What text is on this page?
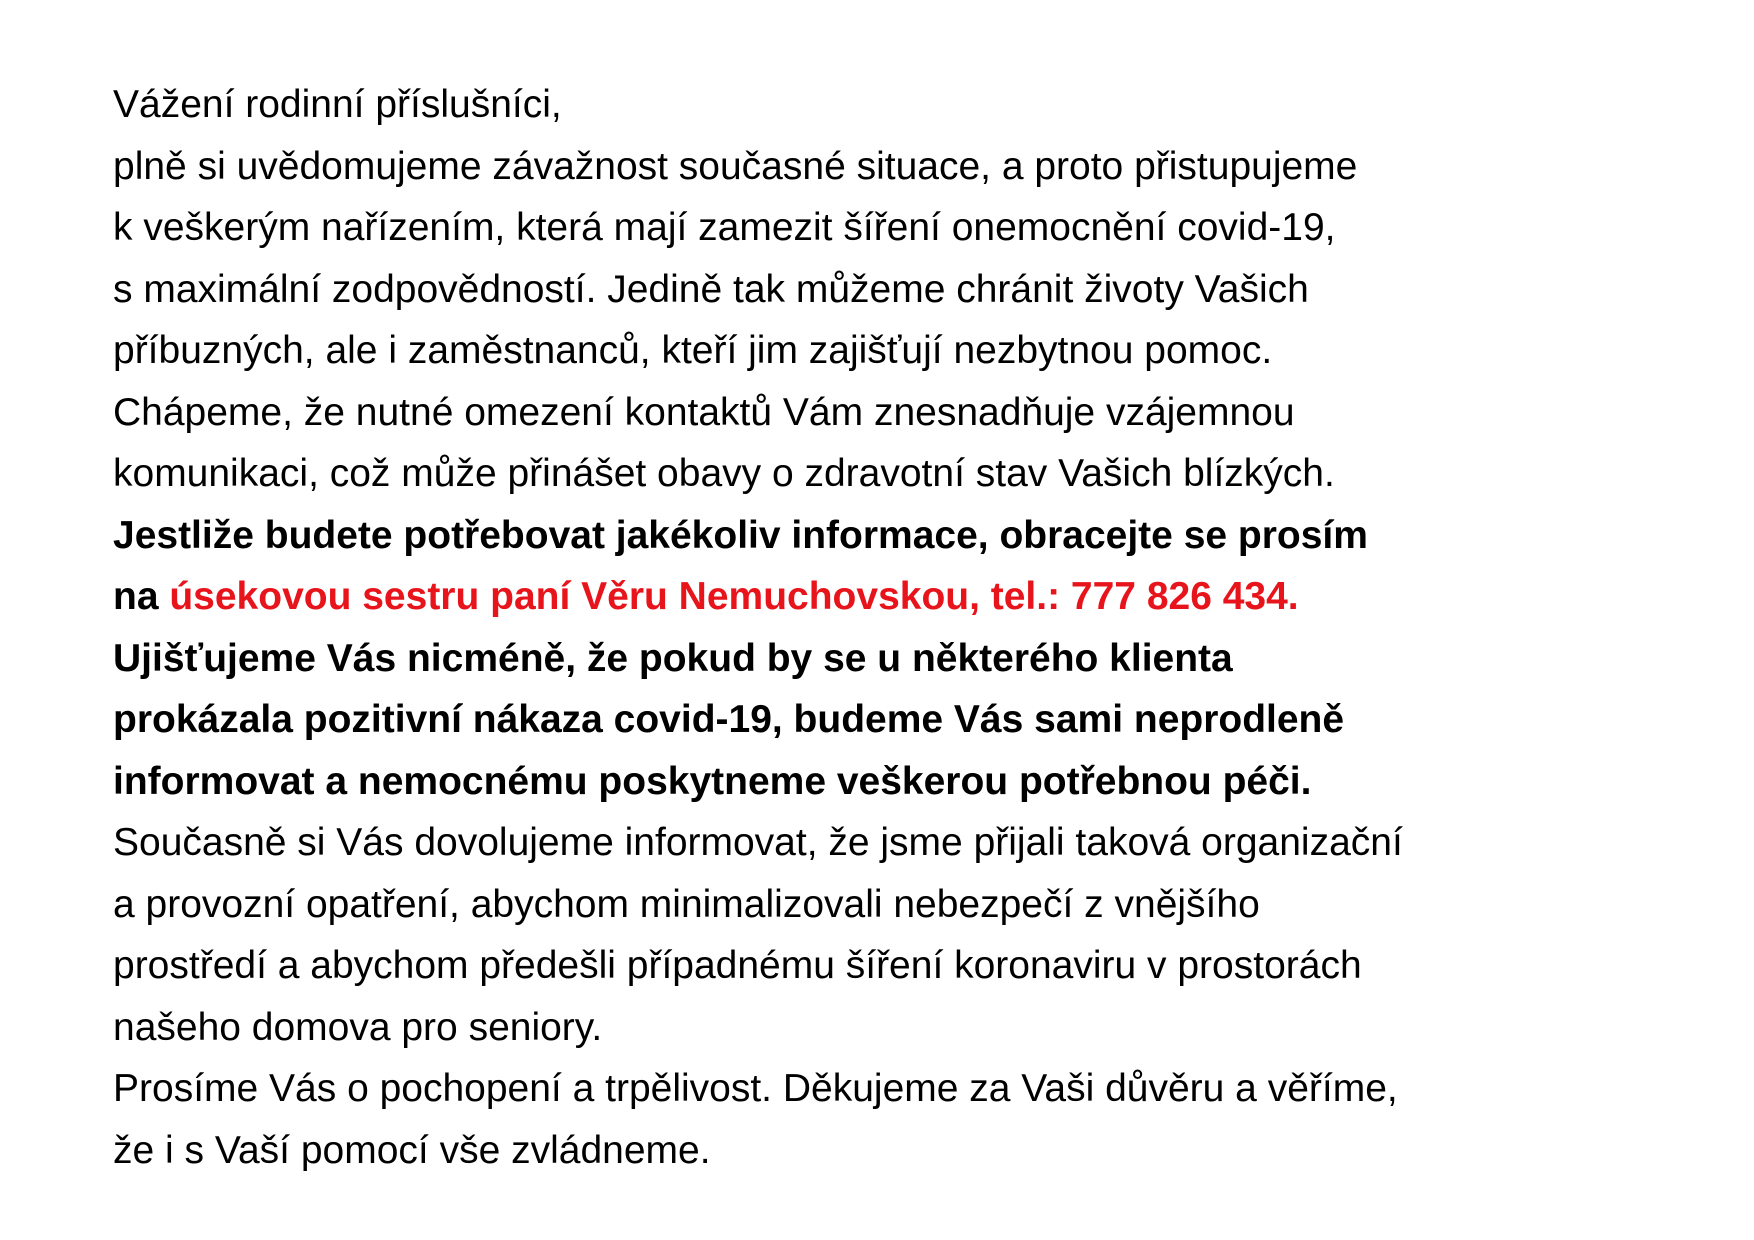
Vážení rodinní příslušníci,
plně si uvědomujeme závažnost současné situace, a proto přistupujeme
k veškerým nařízením, která mají zamezit šíření onemocnění covid-19,
s maximální zodpovědností. Jedině tak můžeme chránit životy Vašich
příbuzných, ale i zaměstnanců, kteří jim zajišťují nezbytnou pomoc.
Chápeme, že nutné omezení kontaktů Vám znesnadňuje vzájemnou
komunikaci, což může přinášet obavy o zdravotní stav Vašich blízkých.
Jestliže budete potřebovat jakékoliv informace, obracejte se prosím
na úsekovou sestru paní Věru Nemuchovskou, tel.: 777 826 434.
Ujišťujeme Vás nicméně, že pokud by se u některého klienta
prokázala pozitivní nákaza covid-19, budeme Vás sami neprodleně
informovat a nemocnému poskytneme veškerou potřebnou péči.
Současně si Vás dovolujeme informovat, že jsme přijali taková organizační
a provozní opatření, abychom minimalizovali nebezpečí z vnějšího
prostředí a abychom předešli případnému šíření koronaviru v prostorách
našeho domova pro seniory.
Prosíme Vás o pochopení a trpělivost. Děkujeme za Vaši důvěru a věříme,
že i s Vaší pomocí vše zvládneme.
